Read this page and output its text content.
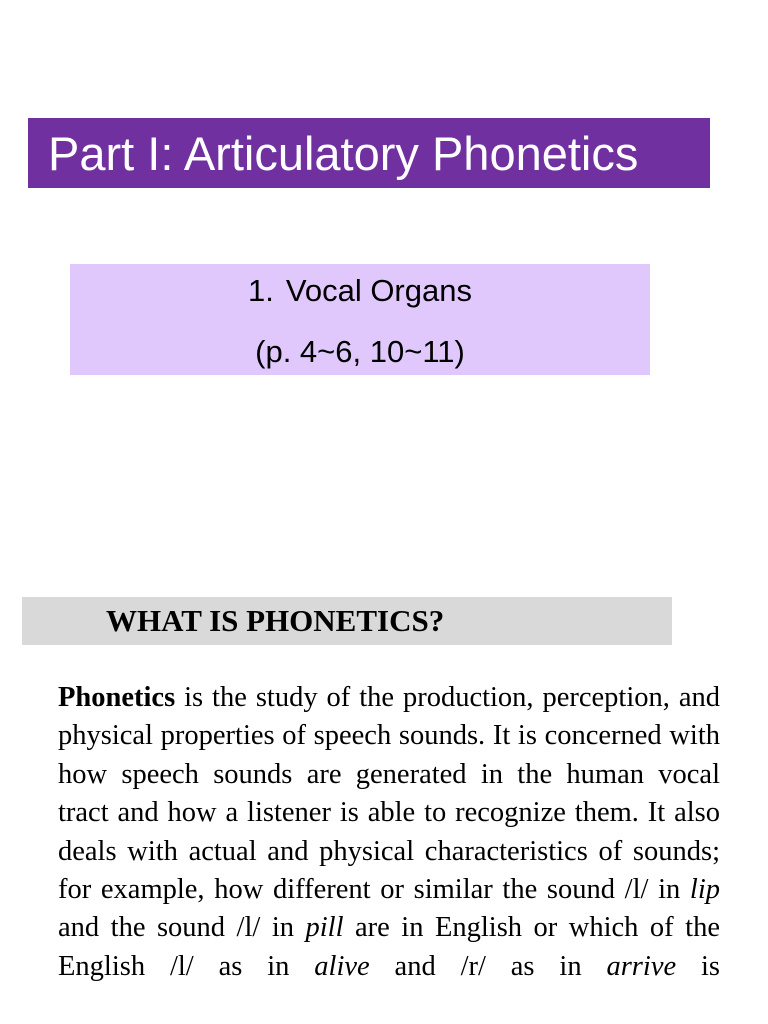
Part I: Articulatory Phonetics
1. Vocal Organs
(p. 4~6, 10~11)
WHAT IS PHONETICS?
Phonetics is the study of the production, perception, and physical properties of speech sounds. It is concerned with how speech sounds are generated in the human vocal tract and how a listener is able to recognize them. It also deals with actual and physical characteristics of sounds; for example, how different or similar the sound /l/ in lip and the sound /l/ in pill are in English or which of the English /l/ as in alive and /r/ as in arrive is
